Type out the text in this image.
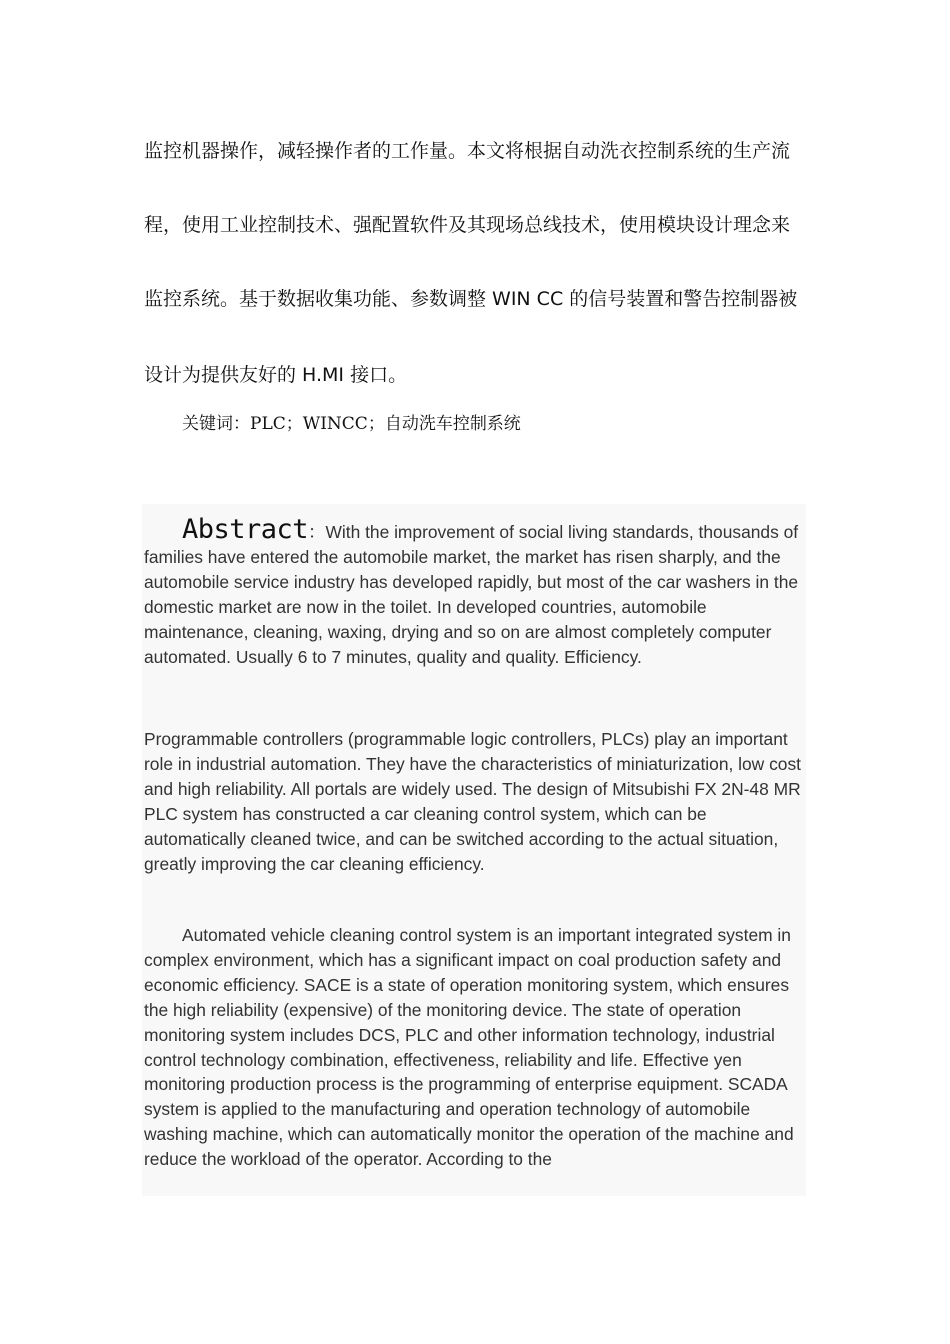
监控机器操作，减轻操作者的工作量。本文将根据自动洗衣控制系统的生产流
程，使用工业控制技术、强配置软件及其现场总线技术，使用模块设计理念来
监控系统。基于数据收集功能、参数调整 WIN CC 的信号装置和警告控制器被
设计为提供友好的 H.MI 接口。
关键词：PLC；WINCC；自动洗车控制系统

Abstract：With the improvement of social living standards, thousands of families have entered the automobile market, the market has risen sharply, and the automobile service industry has developed rapidly, but most of the car washers in the domestic market are now in the toilet. In developed countries, automobile maintenance, cleaning, waxing, drying and so on are almost completely computer automated. Usually 6 to 7 minutes, quality and quality. Efficiency.

Programmable controllers (programmable logic controllers, PLCs) play an important role in industrial automation. They have the characteristics of miniaturization, low cost and high reliability. All portals are widely used. The design of Mitsubishi FX 2N-48 MR PLC system has constructed a car cleaning control system, which can be automatically cleaned twice, and can be switched according to the actual situation, greatly improving the car cleaning efficiency.

Automated vehicle cleaning control system is an important integrated system in complex environment, which has a significant impact on coal production safety and economic efficiency. SACE is a state of operation monitoring system, which ensures the high reliability (expensive) of the monitoring device. The state of operation monitoring system includes DCS, PLC and other information technology, industrial control technology combination, effectiveness, reliability and life. Effective yen monitoring production process is the programming of enterprise equipment. SCADA system is applied to the manufacturing and operation technology of automobile washing machine, which can automatically monitor the operation of the machine and reduce the workload of the operator. According to the
